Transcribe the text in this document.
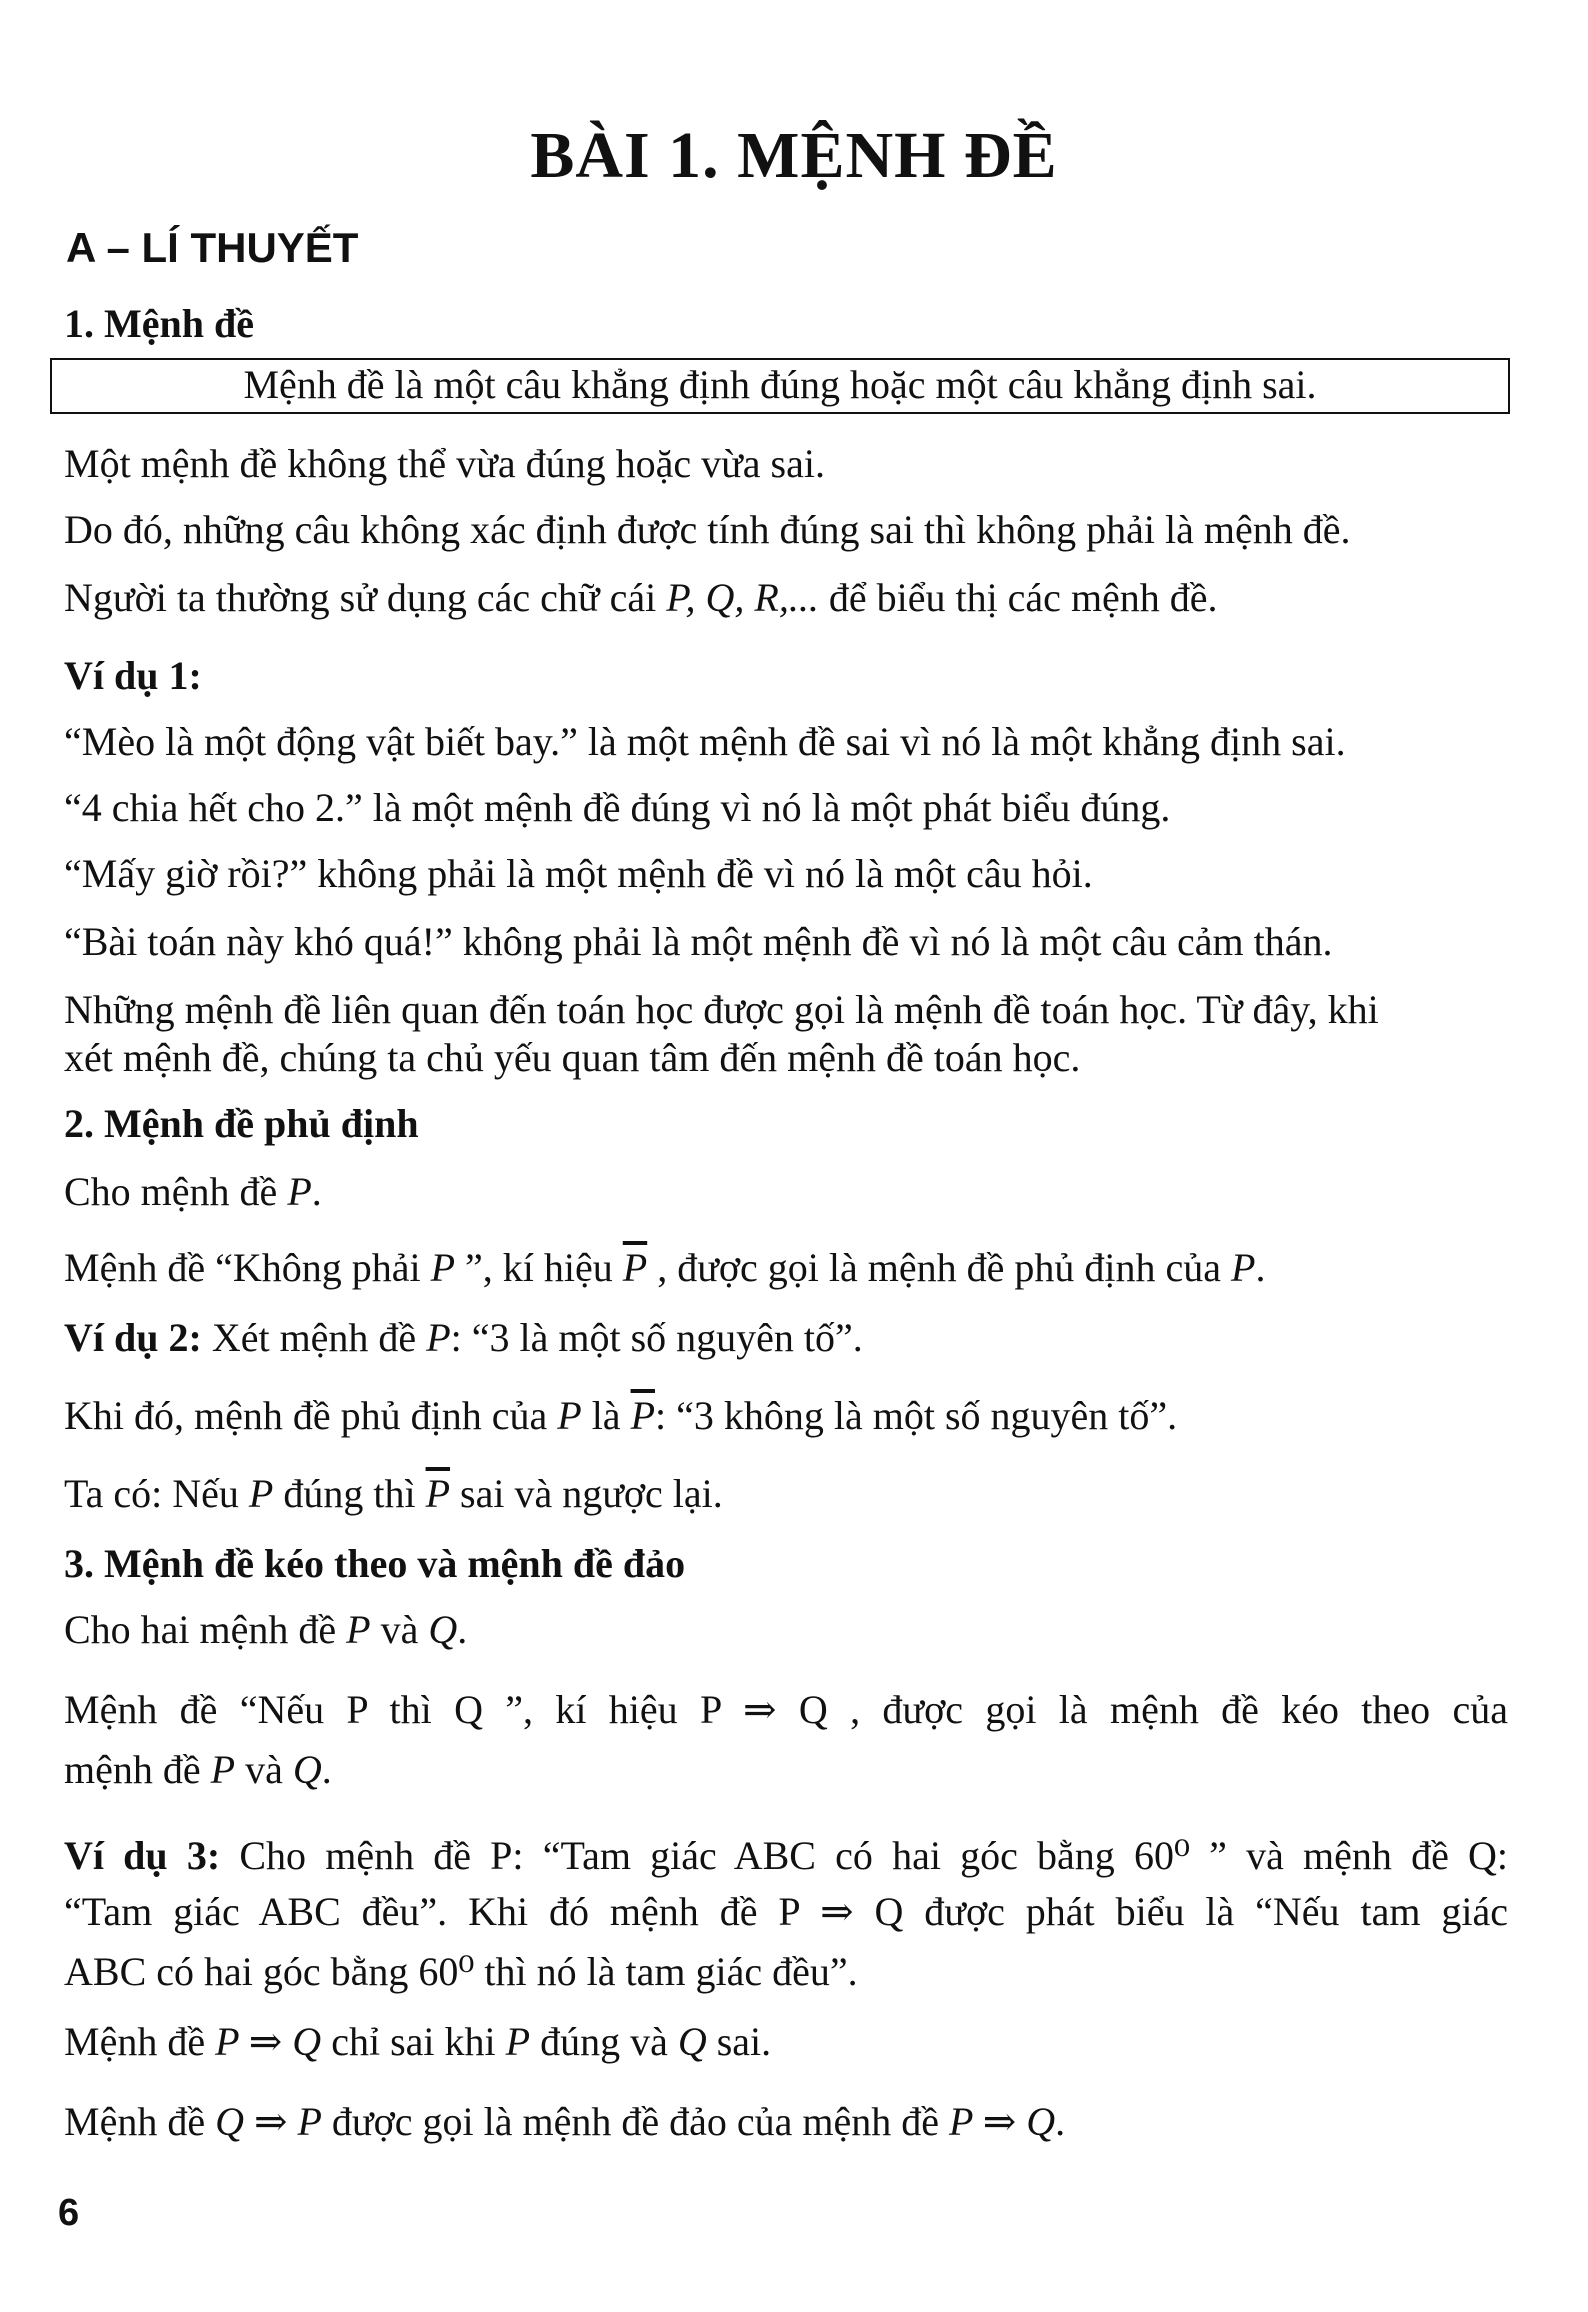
BÀI 1. MỆNH ĐỀ
A – LÍ THUYẾT
1. Mệnh đề
Mệnh đề là một câu khẳng định đúng hoặc một câu khẳng định sai.
Một mệnh đề không thể vừa đúng hoặc vừa sai.
Do đó, những câu không xác định được tính đúng sai thì không phải là mệnh đề.
Người ta thường sử dụng các chữ cái P, Q, R,... để biểu thị các mệnh đề.
Ví dụ 1:
“Mèo là một động vật biết bay.” là một mệnh đề sai vì nó là một khẳng định sai.
“4 chia hết cho 2.” là một mệnh đề đúng vì nó là một phát biểu đúng.
“Mấy giờ rồi?” không phải là một mệnh đề vì nó là một câu hỏi.
“Bài toán này khó quá!” không phải là một mệnh đề vì nó là một câu cảm thán.
Những mệnh đề liên quan đến toán học được gọi là mệnh đề toán học. Từ đây, khi
xét mệnh đề, chúng ta chủ yếu quan tâm đến mệnh đề toán học.
2. Mệnh đề phủ định
Cho mệnh đề P.
Mệnh đề “Không phải P ”, kí hiệu $\overline{P}$ , được gọi là mệnh đề phủ định của P.
Ví dụ 2: Xét mệnh đề P: “3 là một số nguyên tố”.
Khi đó, mệnh đề phủ định của P là $\overline{P}$: “3 không là một số nguyên tố”.
Ta có: Nếu P đúng thì $\overline{P}$ sai và ngược lại.
3. Mệnh đề kéo theo và mệnh đề đảo
Cho hai mệnh đề P và Q.
Mệnh đề “Nếu P thì Q ”, kí hiệu P ⇒ Q , được gọi là mệnh đề kéo theo của
mệnh đề P và Q.
Ví dụ 3: Cho mệnh đề P: “Tam giác ABC có hai góc bằng 60⁰ ” và mệnh đề Q:
“Tam giác ABC đều”. Khi đó mệnh đề P ⇒ Q được phát biểu là “Nếu tam giác
ABC có hai góc bằng 60⁰ thì nó là tam giác đều”.
Mệnh đề P ⇒ Q chỉ sai khi P đúng và Q sai.
Mệnh đề Q ⇒ P được gọi là mệnh đề đảo của mệnh đề P ⇒ Q.
6
